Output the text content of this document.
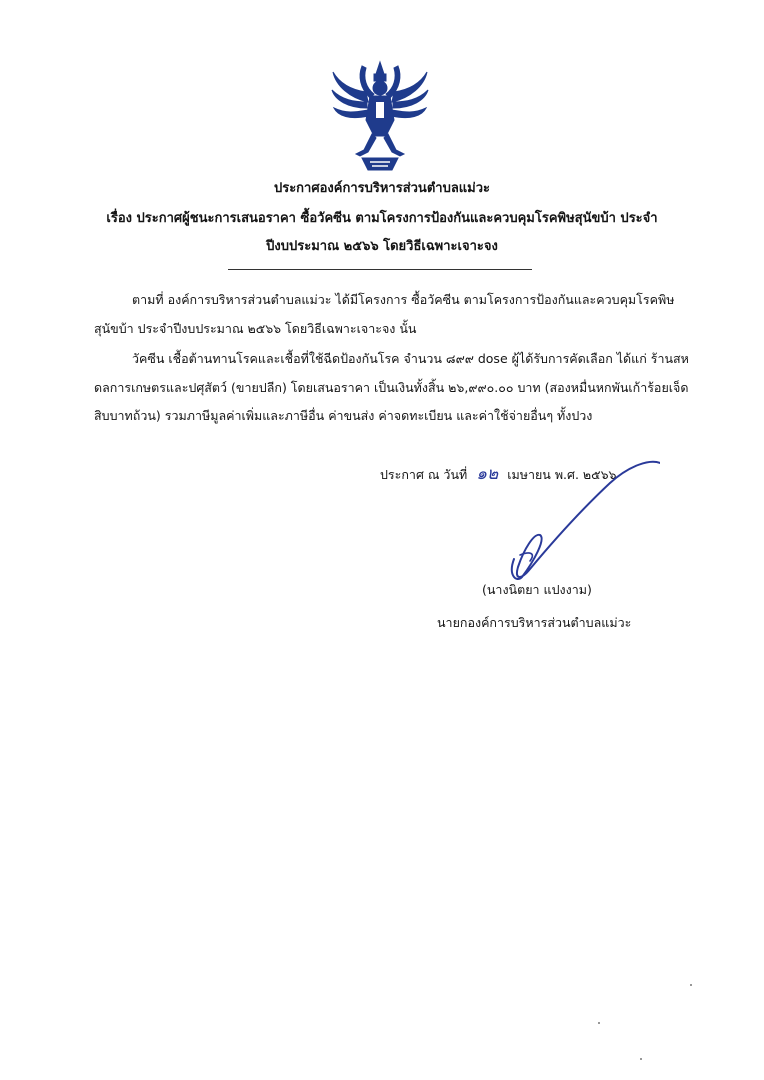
ประกาศองค์การบริหารส่วนตำบลแม่วะ
เรื่อง ประกาศผู้ชนะการเสนอราคา ซื้อวัคซีน ตามโครงการป้องกันและควบคุมโรคพิษสุนัขบ้า ประจำ
ปีงบประมาณ ๒๕๖๖ โดยวิธีเฉพาะเจาะจง
ตามที่ องค์การบริหารส่วนตำบลแม่วะ ได้มีโครงการ ซื้อวัคซีน ตามโครงการป้องกันและควบคุมโรคพิษ
สุนัขบ้า ประจำปีงบประมาณ ๒๕๖๖ โดยวิธีเฉพาะเจาะจง นั้น
วัคซีน เชื้อต้านทานโรคและเชื้อที่ใช้ฉีดป้องกันโรค จำนวน ๘๙๙ dose ผู้ได้รับการคัดเลือก ได้แก่ ร้านสห
ดลการเกษตรและปศุสัตว์ (ขายปลีก) โดยเสนอราคา เป็นเงินทั้งสิ้น ๒๖,๙๙๐.๐๐ บาท (สองหมื่นหกพันเก้าร้อยเจ็ด
สิบบาทถ้วน) รวมภาษีมูลค่าเพิ่มและภาษีอื่น ค่าขนส่ง ค่าจดทะเบียน และค่าใช้จ่ายอื่นๆ ทั้งปวง
ประกาศ ณ วันที่ ๑๒ เมษายน พ.ศ. ๒๕๖๖
(นางนิตยา แปงงาม)
นายกองค์การบริหารส่วนตำบลแม่วะ
